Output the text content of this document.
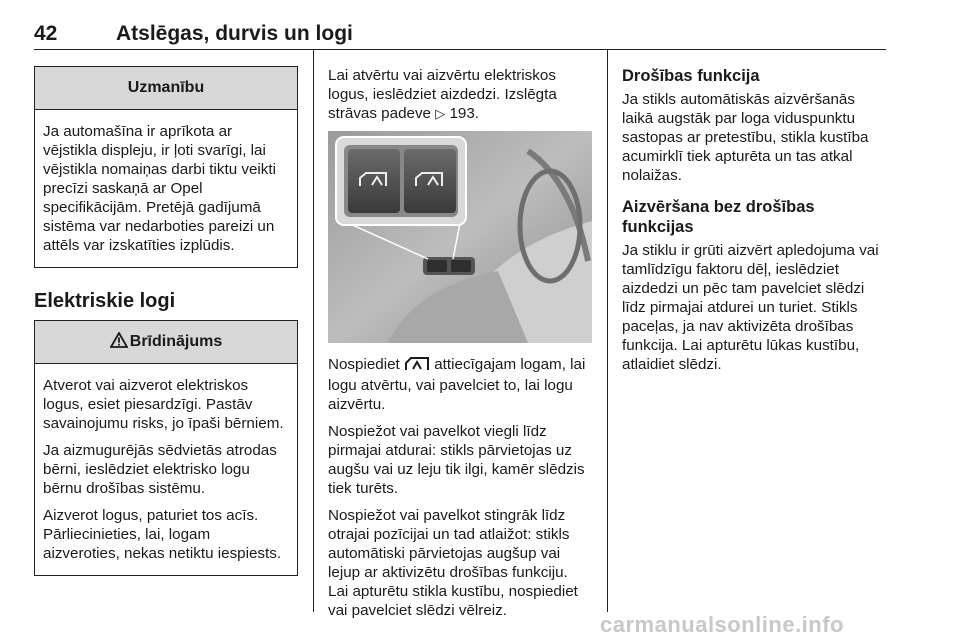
42	Atslēgas, durvis un logi
Uzmanību

Ja automašīna ir aprīkota ar vējstikla displeju, ir ļoti svarīgi, lai vējstikla nomaiņas darbi tiktu veikti precīzi saskaņā ar Opel specifikācijām. Pretējā gadījumā sistēma var nedarboties pareizi un attēls var izskatīties izplūdis.

Elektriskie logi
Brīdinājums

Atverot vai aizverot elektriskos logus, esiet piesardzīgi. Pastāv savainojumu risks, jo īpaši bērniem.

Ja aizmugurējās sēdvietās atrodas bērni, ieslēdziet elektrisko logu bērnu drošības sistēmu.

Aizverot logus, paturiet tos acīs. Pārliecinieties, lai, logam aizveroties, nekas netiktu iespiests.

Lai atvērtu vai aizvērtu elektriskos logus, ieslēdziet aizdedzi. Izslēgta strāvas padeve ▷ 193.

Nospiediet attiecīgajam logam, lai logu atvērtu, vai pavelciet to, lai logu aizvērtu.

Nospiežot vai pavelkot viegli līdz pirmajai atdurai: stikls pārvietojas uz augšu vai uz leju tik ilgi, kamēr slēdzis tiek turēts.

Nospiežot vai pavelkot stingrāk līdz otrajai pozīcijai un tad atlaižot: stikls automātiski pārvietojas augšup vai lejup ar aktivizētu drošības funkciju. Lai apturētu stikla kustību, nospiediet vai pavelciet slēdzi vēlreiz.

Drošības funkcija

Ja stikls automātiskās aizvēršanās laikā augstāk par loga viduspunktu sastopas ar pretestību, stikla kustība acumirklī tiek apturēta un tas atkal nolaižas.

Aizvēršana bez drošības funkcijas

Ja stiklu ir grūti aizvērt apledojuma vai tamlīdzīgu faktoru dēļ, ieslēdziet aizdedzi un pēc tam pavelciet slēdzi līdz pirmajai atdurei un turiet. Stikls paceļas, ja nav aktivizēta drošības funkcija. Lai apturētu lūkas kustību, atlaidiet slēdzi.

carmanualsonline.info
